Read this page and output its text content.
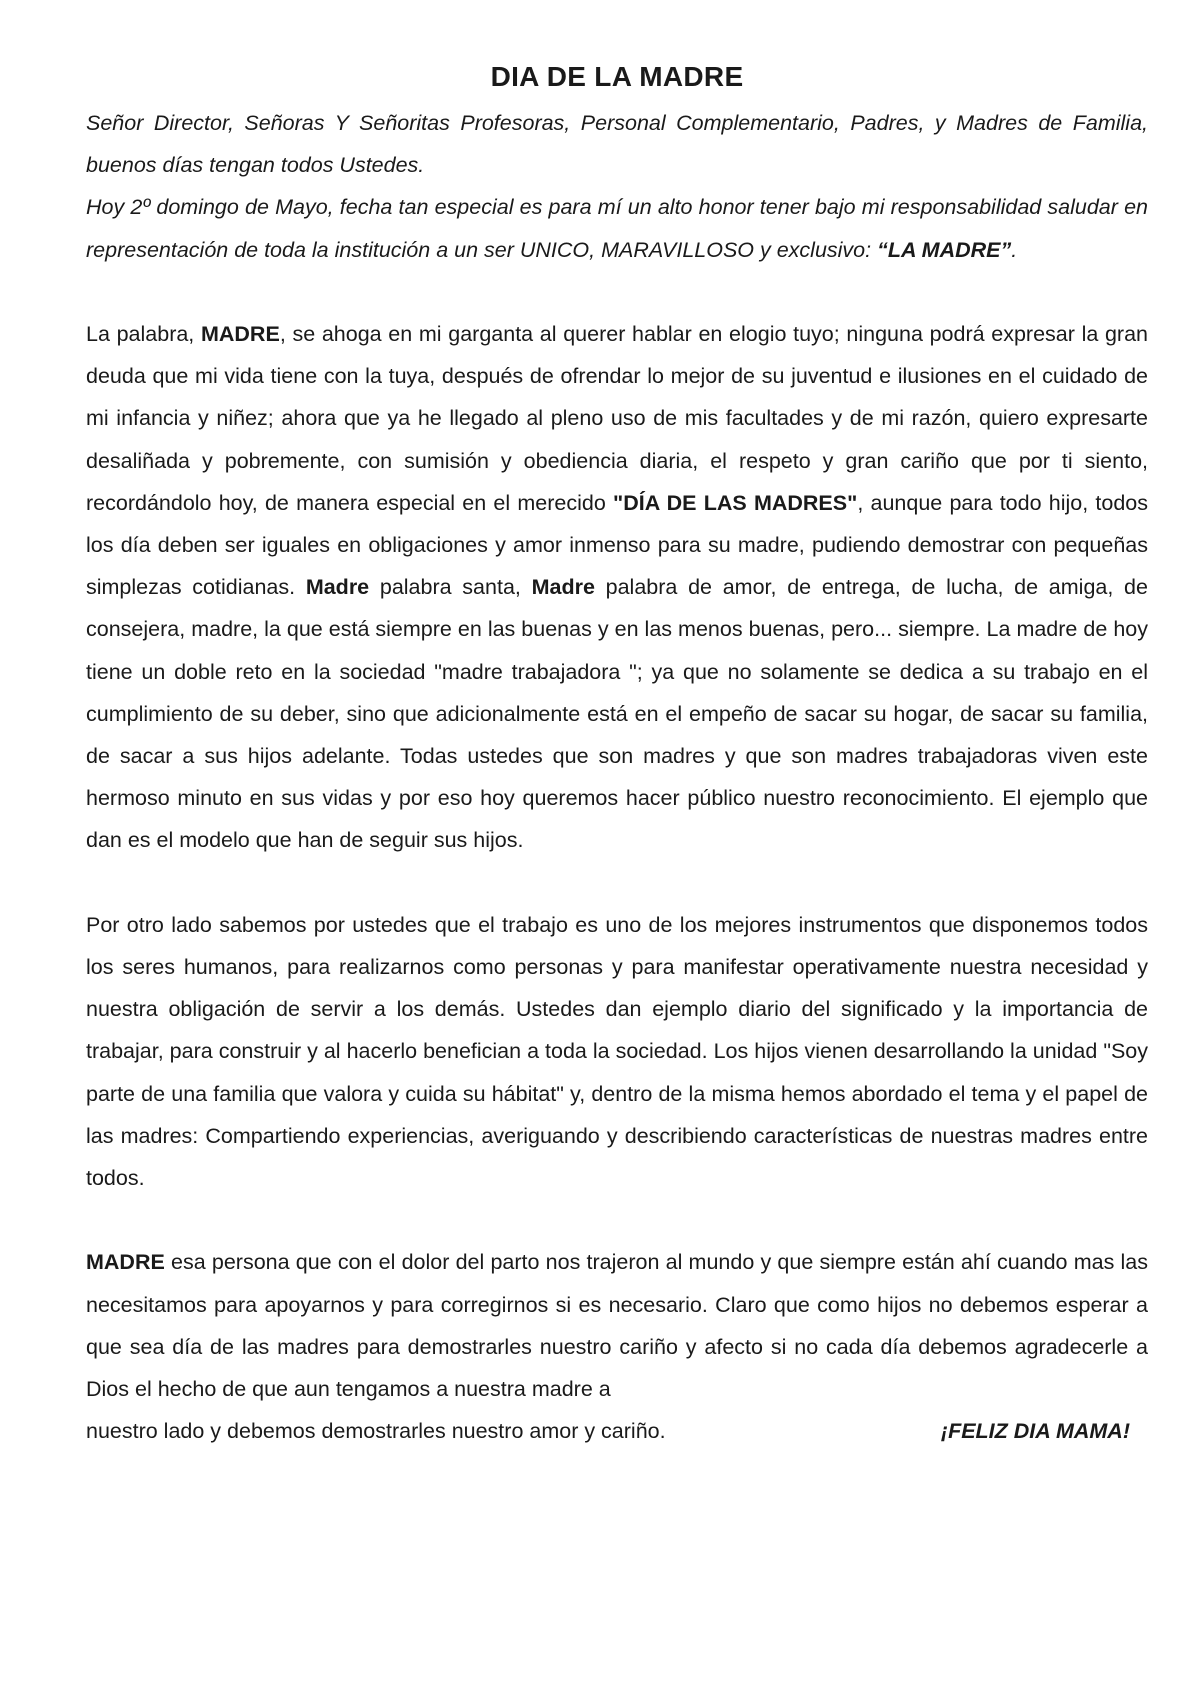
DIA DE LA MADRE

Señor Director, Señoras Y Señoritas Profesoras, Personal Complementario, Padres, y Madres de Familia, buenos días tengan todos Ustedes.
Hoy 2º domingo de Mayo, fecha tan especial es para mí un alto honor tener bajo mi responsabilidad saludar en representación de toda la institución a un ser UNICO, MARAVILLOSO y exclusivo: “LA MADRE”.

La palabra, MADRE, se ahoga en mi garganta al querer hablar en elogio tuyo; ninguna podrá expresar la gran deuda que mi vida tiene con la tuya, después de ofrendar lo mejor de su juventud e ilusiones en el cuidado de mi infancia y niñez; ahora que ya he llegado al pleno uso de mis facultades y de mi razón, quiero expresarte desaliñada y pobremente, con sumisión y obediencia diaria, el respeto y gran cariño que por ti siento, recordándolo hoy, de manera especial en el merecido "DÍA DE LAS MADRES", aunque para todo hijo, todos los día deben ser iguales en obligaciones y amor inmenso para su madre, pudiendo demostrar con pequeñas simplezas cotidianas. Madre palabra santa, Madre palabra de amor, de entrega, de lucha, de amiga, de consejera, madre, la que está siempre en las buenas y en las menos buenas, pero... siempre. La madre de hoy tiene un doble reto en la sociedad "madre trabajadora "; ya que no solamente se dedica a su trabajo en el cumplimiento de su deber, sino que adicionalmente está en el empeño de sacar su hogar, de sacar su familia, de sacar a sus hijos adelante. Todas ustedes que son madres y que son madres trabajadoras viven este hermoso minuto en sus vidas y por eso hoy queremos hacer público nuestro reconocimiento. El ejemplo que dan es el modelo que han de seguir sus hijos.

Por otro lado sabemos por ustedes que el trabajo es uno de los mejores instrumentos que disponemos todos los seres humanos, para realizarnos como personas y para manifestar operativamente nuestra necesidad y nuestra obligación de servir a los demás. Ustedes dan ejemplo diario del significado y la importancia de trabajar, para construir y al hacerlo benefician a toda la sociedad. Los hijos vienen desarrollando la unidad "Soy parte de una familia que valora y cuida su hábitat" y, dentro de la misma hemos abordado el tema y el papel de las madres: Compartiendo experiencias, averiguando y describiendo características de nuestras madres entre todos.

MADRE esa persona que con el dolor del parto nos trajeron al mundo y que siempre están ahí cuando mas las necesitamos para apoyarnos y para corregirnos si es necesario. Claro que como hijos no debemos esperar a que sea día de las madres para demostrarles nuestro cariño y afecto si no cada día debemos agradecerle a Dios el hecho de que aun tengamos a nuestra madre a

nuestro lado y debemos demostrarles nuestro amor y cariño.	¡FELIZ DIA MAMA!
